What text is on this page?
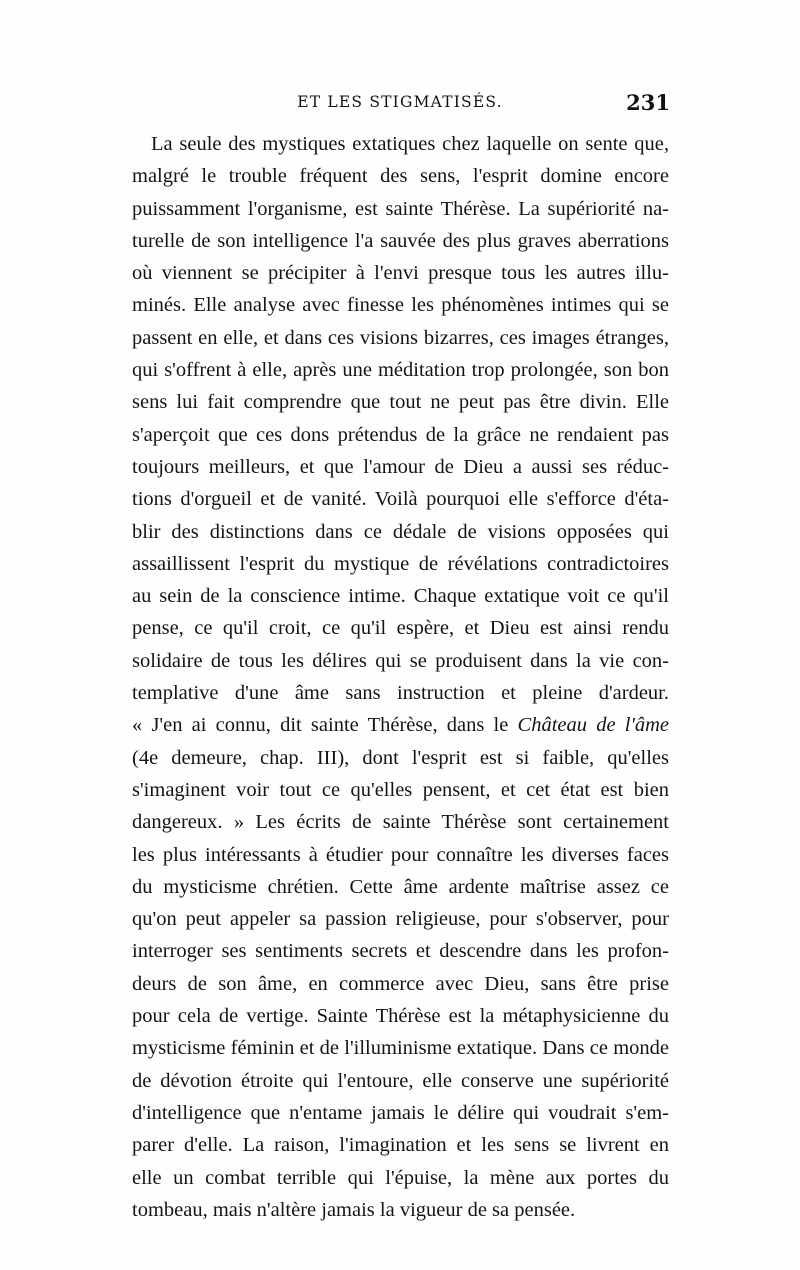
ET LES STIGMATISÉS.	231
La seule des mystiques extatiques chez laquelle on sente que,
malgré le trouble fréquent des sens, l'esprit domine encore
puissamment l'organisme, est sainte Thérèse. La supériorité na-
turelle de son intelligence l'a sauvée des plus graves aberrations
où viennent se précipiter à l'envi presque tous les autres illu-
minés. Elle analyse avec finesse les phénomènes intimes qui se
passent en elle, et dans ces visions bizarres, ces images étranges,
qui s'offrent à elle, après une méditation trop prolongée, son bon
sens lui fait comprendre que tout ne peut pas être divin. Elle
s'aperçoit que ces dons prétendus de la grâce ne rendaient pas
toujours meilleurs, et que l'amour de Dieu a aussi ses réduc-
tions d'orgueil et de vanité. Voilà pourquoi elle s'efforce d'éta-
blir des distinctions dans ce dédale de visions opposées qui
assaillissent l'esprit du mystique de révélations contradictoires
au sein de la conscience intime. Chaque extatique voit ce qu'il
pense, ce qu'il croit, ce qu'il espère, et Dieu est ainsi rendu
solidaire de tous les délires qui se produisent dans la vie con-
templative d'une âme sans instruction et pleine d'ardeur.
« J'en ai connu, dit sainte Thérèse, dans le Château de l'âme
(4e demeure, chap. III), dont l'esprit est si faible, qu'elles
s'imaginent voir tout ce qu'elles pensent, et cet état est bien
dangereux. » Les écrits de sainte Thérèse sont certainement
les plus intéressants à étudier pour connaître les diverses faces
du mysticisme chrétien. Cette âme ardente maîtrise assez ce
qu'on peut appeler sa passion religieuse, pour s'observer, pour
interroger ses sentiments secrets et descendre dans les profon-
deurs de son âme, en commerce avec Dieu, sans être prise
pour cela de vertige. Sainte Thérèse est la métaphysicienne du
mysticisme féminin et de l'illuminisme extatique. Dans ce monde
de dévotion étroite qui l'entoure, elle conserve une supériorité
d'intelligence que n'entame jamais le délire qui voudrait s'em-
parer d'elle. La raison, l'imagination et les sens se livrent en
elle un combat terrible qui l'épuise, la mène aux portes du
tombeau, mais n'altère jamais la vigueur de sa pensée.
